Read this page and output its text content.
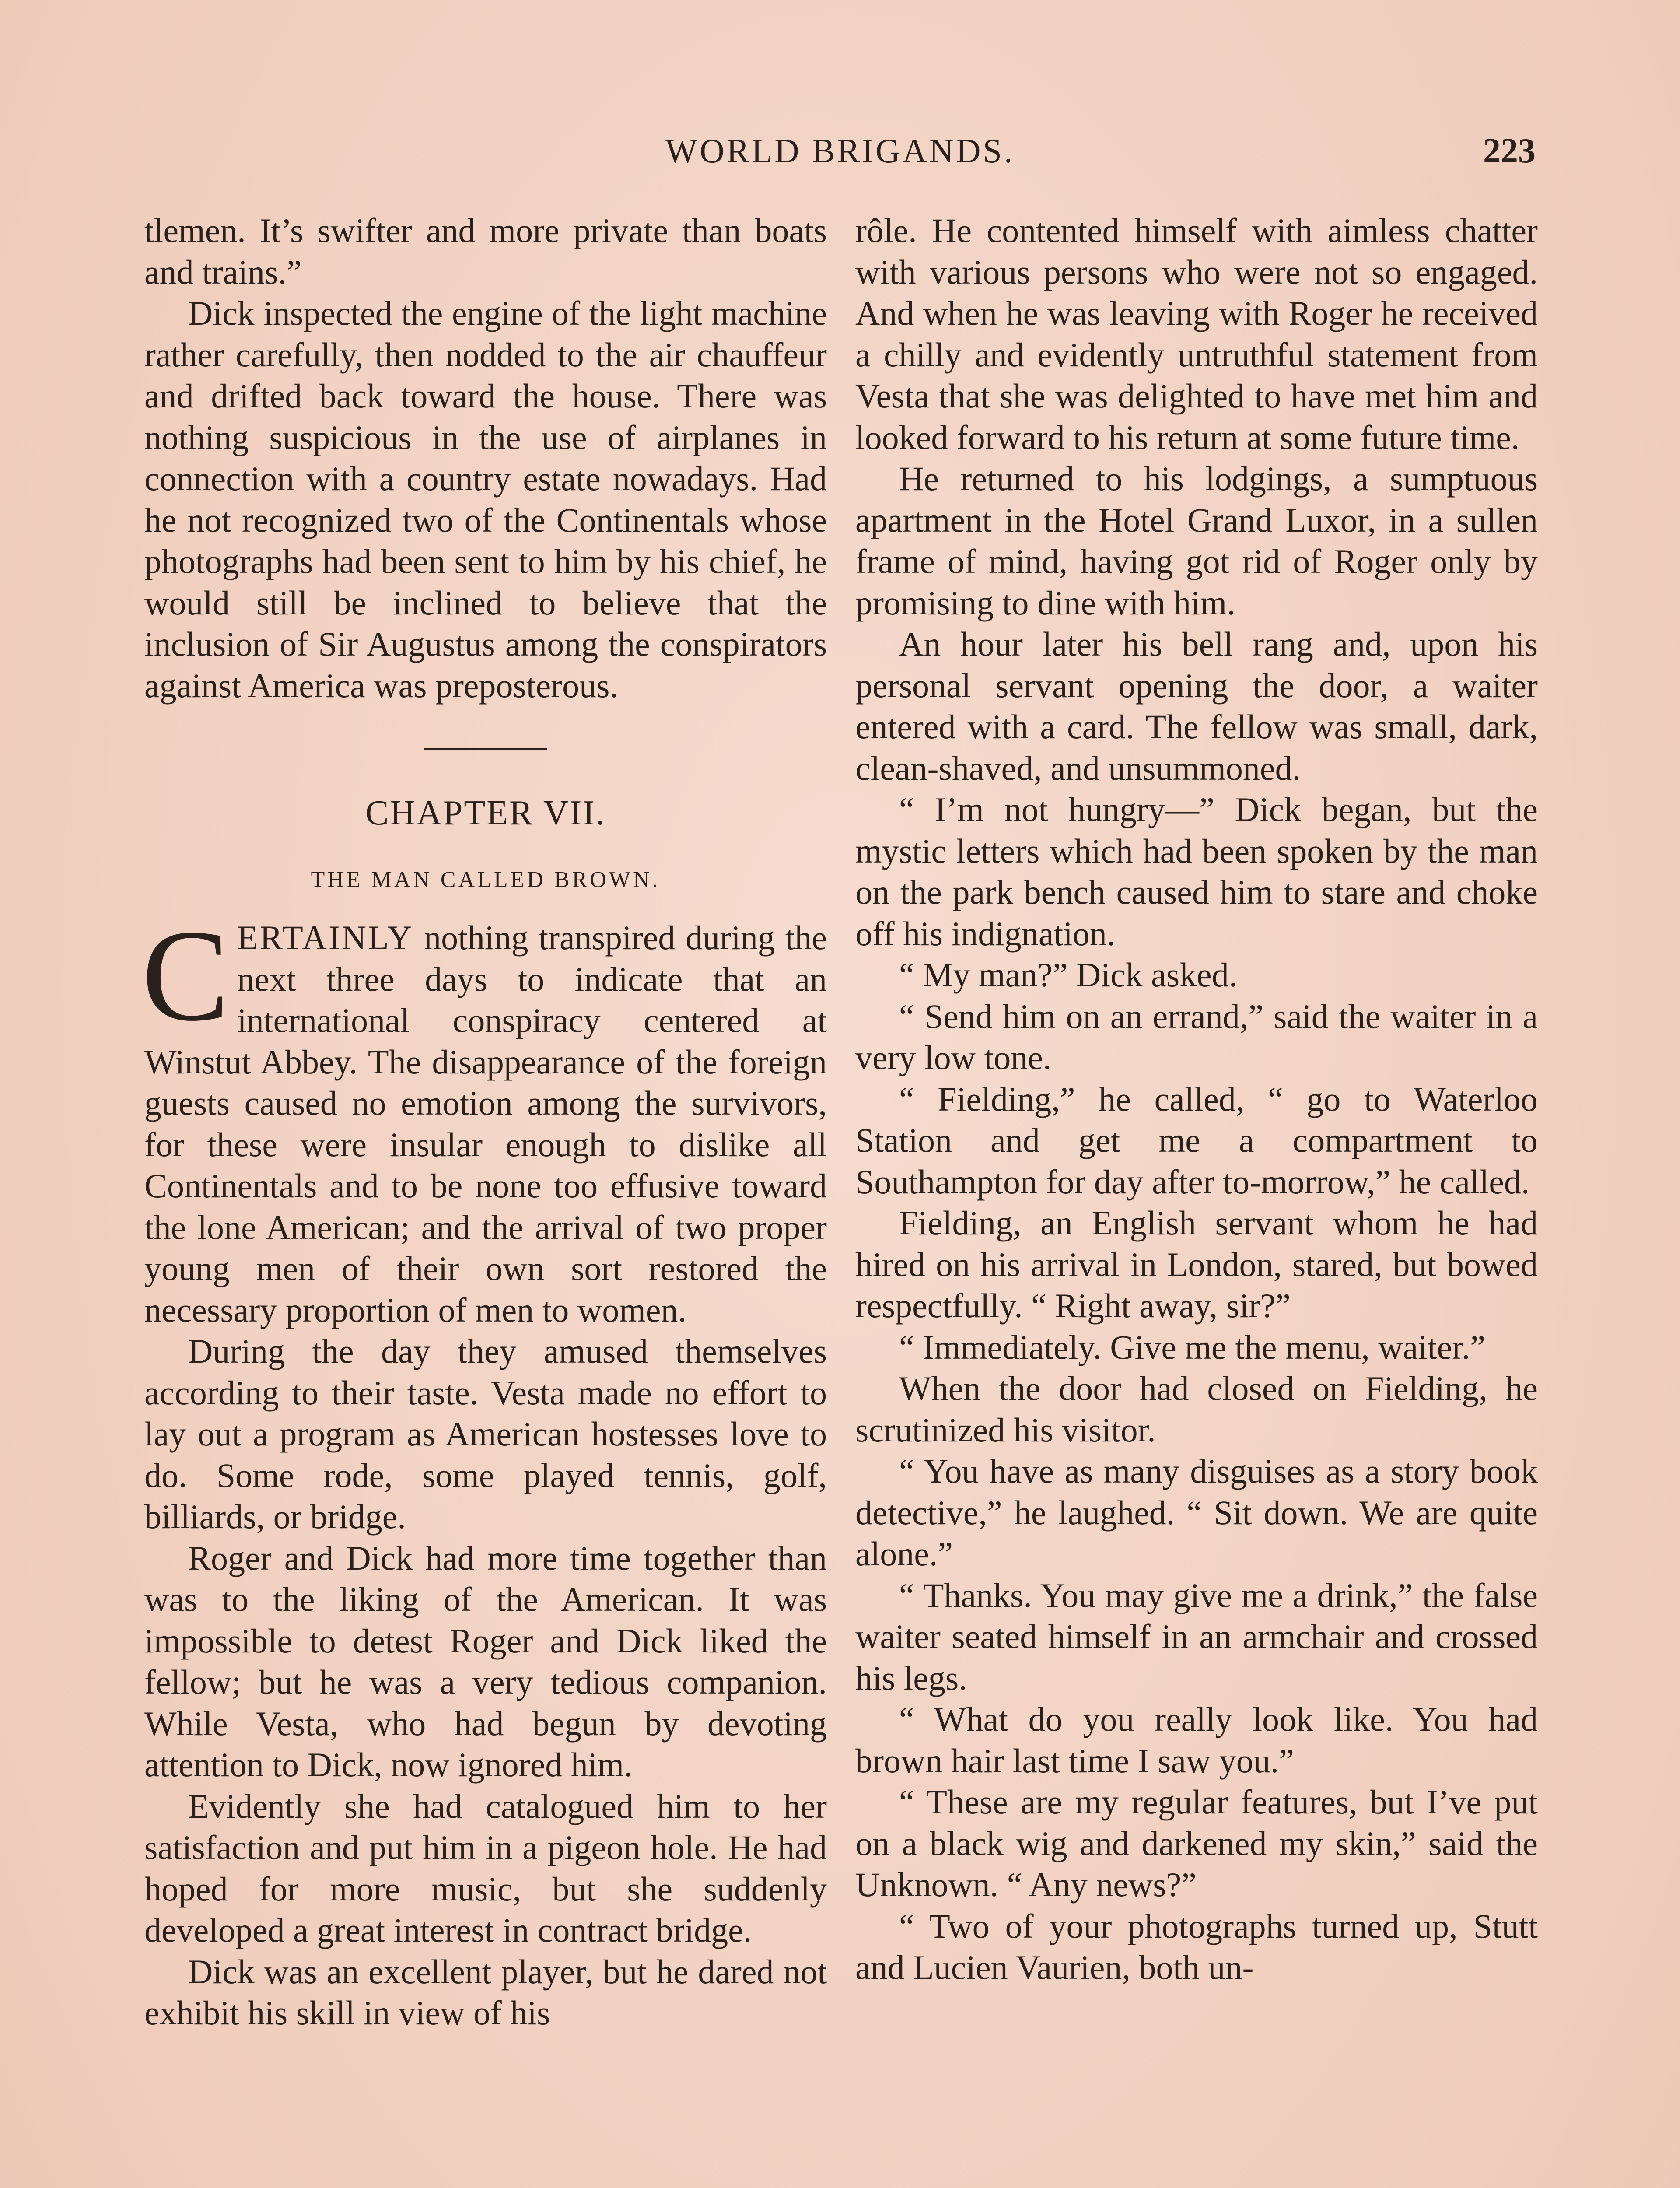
WORLD BRIGANDS.	223

tlemen. It’s swifter and more private than boats and trains.”

Dick inspected the engine of the light machine rather carefully, then nodded to the air chauffeur and drifted back toward the house. There was nothing suspicious in the use of airplanes in connection with a country estate nowadays. Had he not recognized two of the Continentals whose photographs had been sent to him by his chief, he would still be inclined to believe that the inclusion of Sir Augustus among the conspirators against America was preposterous.

CHAPTER VII.
THE MAN CALLED BROWN.

CERTAINLY nothing transpired during the next three days to indicate that an international conspiracy centered at Winstut Abbey. The disappearance of the foreign guests caused no emotion among the survivors, for these were insular enough to dislike all Continentals and to be none too effusive toward the lone American; and the arrival of two proper young men of their own sort restored the necessary proportion of men to women.

During the day they amused themselves according to their taste. Vesta made no effort to lay out a program as American hostesses love to do. Some rode, some played tennis, golf, billiards, or bridge.

Roger and Dick had more time together than was to the liking of the American. It was impossible to detest Roger and Dick liked the fellow; but he was a very tedious companion. While Vesta, who had begun by devoting attention to Dick, now ignored him.

Evidently she had catalogued him to her satisfaction and put him in a pigeon hole. He had hoped for more music, but she suddenly developed a great interest in contract bridge.

Dick was an excellent player, but he dared not exhibit his skill in view of his

rôle. He contented himself with aimless chatter with various persons who were not so engaged. And when he was leaving with Roger he received a chilly and evidently untruthful statement from Vesta that she was delighted to have met him and looked forward to his return at some future time.

He returned to his lodgings, a sumptuous apartment in the Hotel Grand Luxor, in a sullen frame of mind, having got rid of Roger only by promising to dine with him.

An hour later his bell rang and, upon his personal servant opening the door, a waiter entered with a card. The fellow was small, dark, clean-shaved, and unsummoned.

“ I’m not hungry—” Dick began, but the mystic letters which had been spoken by the man on the park bench caused him to stare and choke off his indignation.

“ My man?” Dick asked.

“ Send him on an errand,” said the waiter in a very low tone.

“ Fielding,” he called, “ go to Waterloo Station and get me a compartment to Southampton for day after to-morrow,” he called.

Fielding, an English servant whom he had hired on his arrival in London, stared, but bowed respectfully. “ Right away, sir?”

“ Immediately. Give me the menu, waiter.”

When the door had closed on Fielding, he scrutinized his visitor.

“ You have as many disguises as a story book detective,” he laughed. “ Sit down. We are quite alone.”

“ Thanks. You may give me a drink,” the false waiter seated himself in an armchair and crossed his legs.

“ What do you really look like. You had brown hair last time I saw you.”

“ These are my regular features, but I’ve put on a black wig and darkened my skin,” said the Unknown. “ Any news?”

“ Two of your photographs turned up, Stutt and Lucien Vaurien, both un-
